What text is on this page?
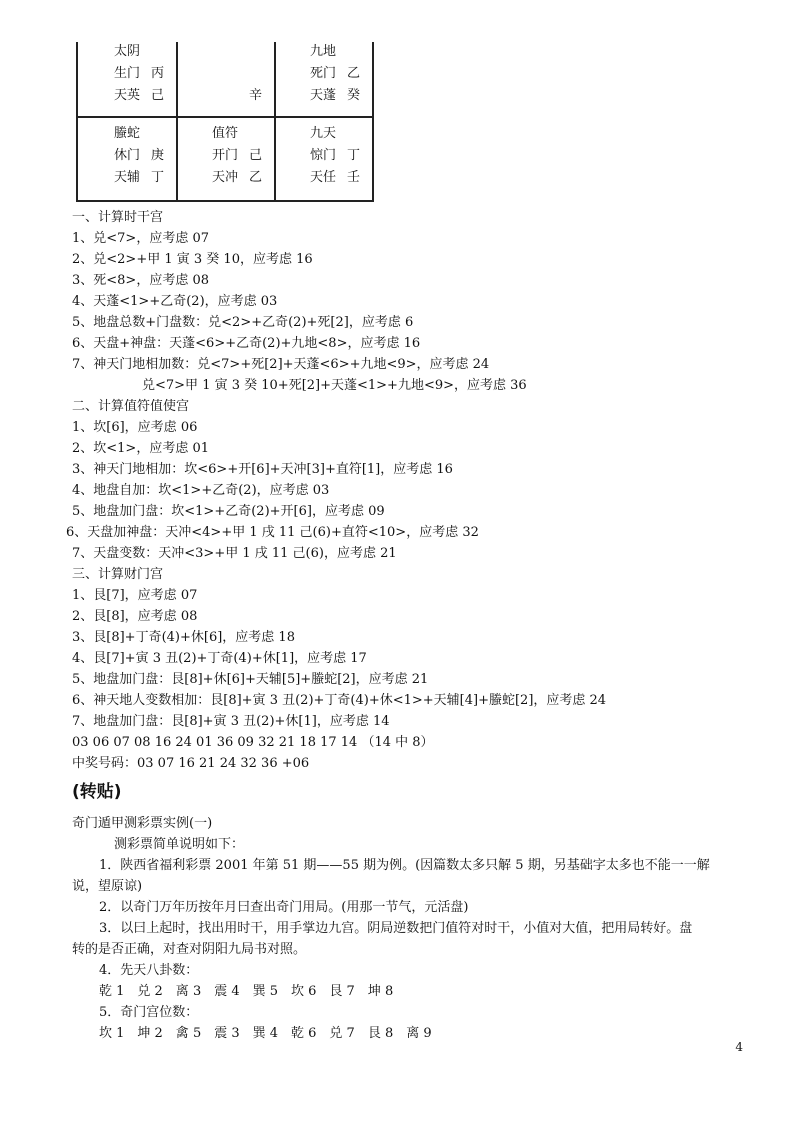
太阴
生门 丙
天英 己	辛
九地
死门 乙
天蓬 癸
螣蛇
休门 庚
天辅 丁
值符
开门 己
天冲 乙
九天
惊门 丁
天任 壬
一、计算时干宫
1、兑<7>，应考虑 07
2、兑<2>+甲 1 寅 3 癸 10，应考虑 16
3、死<8>，应考虑 08
4、天蓬<1>+乙奇(2)，应考虑 03
5、地盘总数+门盘数：兑<2>+乙奇(2)+死[2]，应考虑 6
6、天盘+神盘：天蓬<6>+乙奇(2)+九地<8>，应考虑 16
7、神天门地相加数：兑<7>+死[2]+天蓬<6>+九地<9>，应考虑 24
兑<7>甲 1 寅 3 癸 10+死[2]+天蓬<1>+九地<9>，应考虑 36
二、计算值符值使宫
1、坎[6]，应考虑 06
2、坎<1>，应考虑 01
3、神天门地相加：坎<6>+开[6]+天冲[3]+直符[1]，应考虑 16
4、地盘自加：坎<1>+乙奇(2)，应考虑 03
5、地盘加门盘：坎<1>+乙奇(2)+开[6]，应考虑 09
6、天盘加神盘：天冲<4>+甲 1 戌 11 己(6)+直符<10>，应考虑 32
7、天盘变数：天冲<3>+甲 1 戌 11 己(6)，应考虑 21
三、计算财门宫
1、艮[7]，应考虑 07
2、艮[8]，应考虑 08
3、艮[8]+丁奇(4)+休[6]，应考虑 18
4、艮[7]+寅 3 丑(2)+丁奇(4)+休[1]，应考虑 17
5、地盘加门盘：艮[8]+休[6]+天辅[5]+螣蛇[2]，应考虑 21
6、神天地人变数相加：艮[8]+寅 3 丑(2)+丁奇(4)+休<1>+天辅[4]+螣蛇[2]，应考虑 24
7、地盘加门盘：艮[8]+寅 3 丑(2)+休[1]，应考虑 14
03 06 07 08 16 24 01 36 09 32 21 18 17 14 （14 中 8）
中奖号码：03 07 16 21 24 32 36 +06
(转贴)
奇门遁甲测彩票实例(一)
测彩票简单说明如下：
1．陕西省福利彩票 2001 年第 51 期——55 期为例。(因篇数太多只解 5 期，另基础字太多也不能一一解
说，望原谅)
2．以奇门万年历按年月曰查出奇门用局。(用那一节气，元活盘)
3．以曰上起时，找出用时干，用手掌边九宫。阴局逆数把门值符对时干，小值对大值，把用局转好。盘
转的是否正确，对查对阴阳九局书对照。
4．先天八卦数：
乾 1　兑 2　离 3　震 4　巽 5　坎 6　艮 7　坤 8
5．奇门宫位数：
坎 1　坤 2　禽 5　震 3　巽 4　乾 6　兑 7　艮 8　离 9
4
